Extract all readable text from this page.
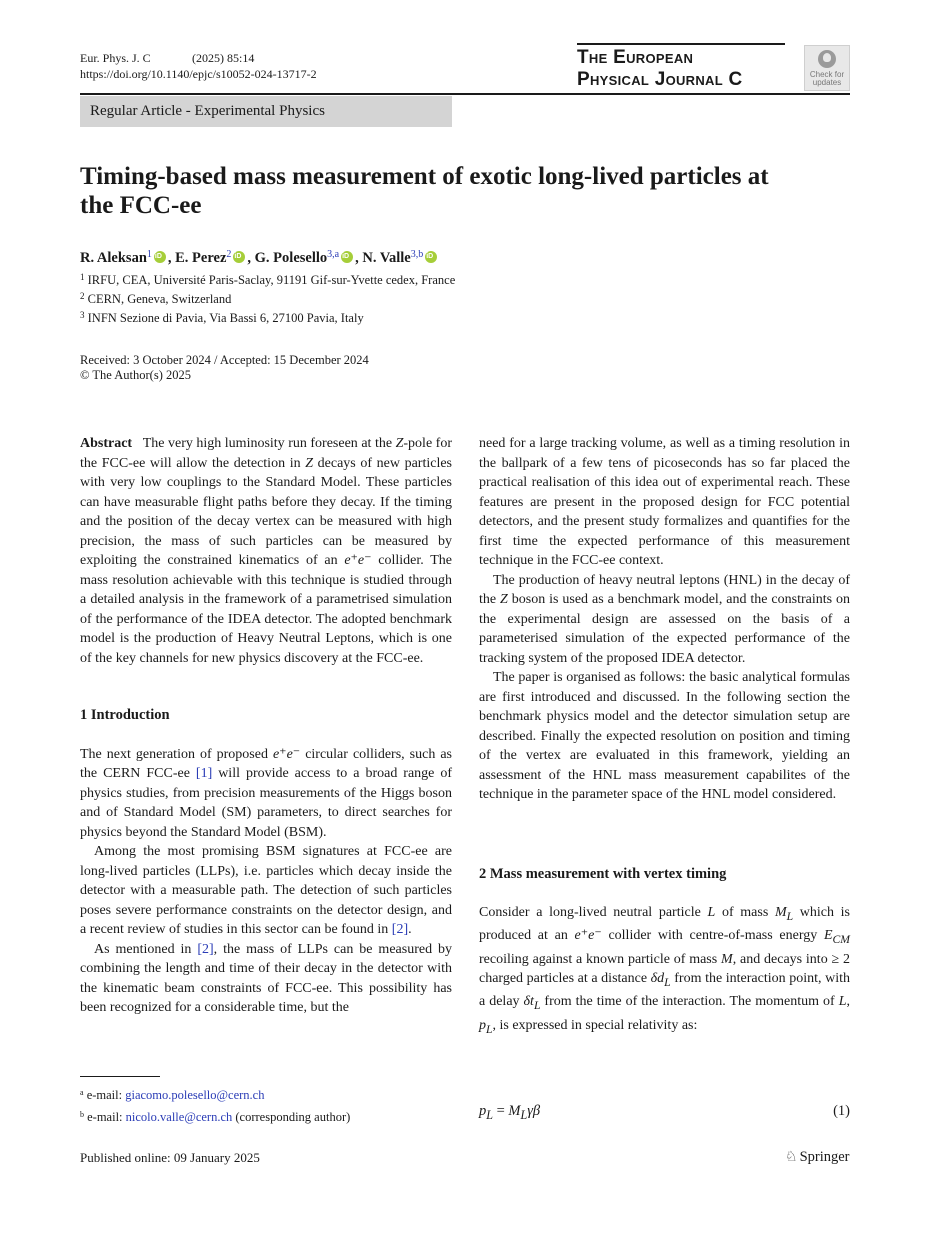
Eur. Phys. J. C	(2025) 85:14
https://doi.org/10.1140/epjc/s10052-024-13717-2
The European
Physical Journal C	Check for
updates
Regular Article - Experimental Physics
Timing-based mass measurement of exotic long-lived particles at the FCC-ee
R. Aleksan$^1$ iD , E. Perez$^2$ iD , G. Polesello$^{3,a}$ iD , N. Valle$^{3,b}$iD
$^1$ IRFU, CEA, Université Paris-Saclay, 91191 Gif-sur-Yvette cedex, France
$^2$ CERN, Geneva, Switzerland
$^3$ INFN Sezione di Pavia, Via Bassi 6, 27100 Pavia, Italy
Received: 3 October 2024 / Accepted: 15 December 2024
© The Author(s) 2025

Abstract The very high luminosity run foreseen at the Z-pole for the FCC-ee will allow the detection in Z decays of new particles with very low couplings to the Standard Model. These particles can have measurable flight paths before they decay. If the timing and the position of the decay vertex can be measured with high precision, the mass of such particles can be measured by exploiting the constrained kinematics of an e⁺e⁻ collider. The mass resolution achievable with this technique is studied through a detailed analysis in the framework of a parametrised simulation of the performance of the IDEA detector. The adopted benchmark model is the production of Heavy Neutral Leptons, which is one of the key channels for new physics discovery at the FCC-ee.

1 Introduction

The next generation of proposed e⁺e⁻ circular colliders, such as the CERN FCC-ee [1] will provide access to a broad range of physics studies, from precision measurements of the Higgs boson and of Standard Model (SM) parameters, to direct searches for physics beyond the Standard Model (BSM).

Among the most promising BSM signatures at FCC-ee are long-lived particles (LLPs), i.e. particles which decay inside the detector with a measurable path. The detection of such particles poses severe performance constraints on the detector design, and a recent review of studies in this sector can be found in [2].

As mentioned in [2], the mass of LLPs can be measured by combining the length and time of their decay in the detector with the kinematic beam constraints of FCC-ee. This possibility has been recognized for a considerable time, but the

need for a large tracking volume, as well as a timing resolution in the ballpark of a few tens of picoseconds has so far placed the practical realisation of this idea out of experimental reach. These features are present in the proposed design for FCC potential detectors, and the present study formalizes and quantifies for the first time the expected performance of this measurement technique in the FCC-ee context.

The production of heavy neutral leptons (HNL) in the decay of the Z boson is used as a benchmark model, and the constraints on the experimental design are assessed on the basis of a parameterised simulation of the expected performance of the tracking system of the proposed IDEA detector.

The paper is organised as follows: the basic analytical formulas are first introduced and discussed. In the following section the benchmark physics model and the detector simulation setup are described. Finally the expected resolution on position and timing of the vertex are evaluated in this framework, yielding an assessment of the HNL mass measurement capabilites of the technique in the parameter space of the HNL model considered.

2 Mass measurement with vertex timing

Consider a long-lived neutral particle L of mass $M_L$ which is produced at an e⁺e⁻ collider with centre-of-mass energy $E_{CM}$ recoiling against a known particle of mass M, and decays into ≥ 2 charged particles at a distance $\delta d_L$ from the interaction point, with a delay $\delta t_L$ from the time of the interaction. The momentum of L, $p_L$, is expressed in special relativity as:

$^a$ e-mail: giacomo.polesello@cern.ch
$^b$ e-mail: nicolo.valle@cern.ch (corresponding author)	$p_L = M_L\gamma\beta$	(1)
Published online: 09 January 2025	♘ Springer
